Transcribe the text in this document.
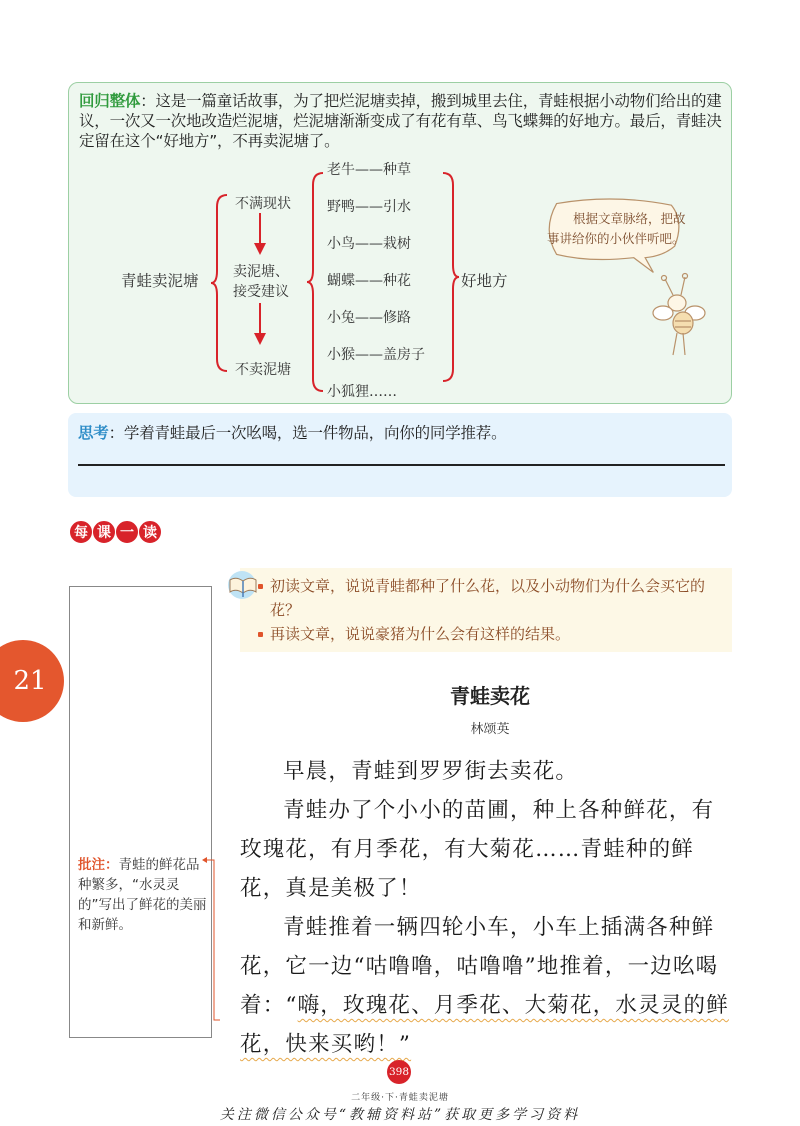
回归整体：这是一篇童话故事，为了把烂泥塘卖掉，搬到城里去住，青蛙根据小动物们给出的建议，一次又一次地改造烂泥塘，烂泥塘渐渐变成了有花有草、鸟飞蝶舞的好地方。最后，青蛙决定留在这个“好地方”，不再卖泥塘了。
青蛙卖泥塘
不满现状
卖泥塘、
接受建议
不卖泥塘
老牛——种草
野鸭——引水
小鸟——栽树
蝴蝶——种花
小兔——修路
小猴——盖房子
小狐狸……
好地方
根据文章脉络，把故事讲给你的小伙伴听吧。
思考：学着青蛙最后一次吆喝，选一件物品，向你的同学推荐。
每 课 一 读
21
批注：青蛙的鲜花品种繁多，“水灵灵的”写出了鲜花的美丽和新鲜。
初读文章，说说青蛙都种了什么花，以及小动物们为什么会买它的花？
再读文章，说说豪猪为什么会有这样的结果。
青蛙卖花
林颂英

早晨，青蛙到罗罗街去卖花。

青蛙办了个小小的苗圃，种上各种鲜花，有玫瑰花，有月季花，有大菊花……青蛙种的鲜花，真是美极了！

青蛙推着一辆四轮小车，小车上插满各种鲜花，它一边“咕噜噜，咕噜噜”地推着，一边吆喝着：“嗨，玫瑰花、月季花、大菊花，水灵灵的鲜花，快来买哟！”

398
二年级·下·青蛙卖泥塘
关注微信公众号“教辅资料站”获取更多学习资料
